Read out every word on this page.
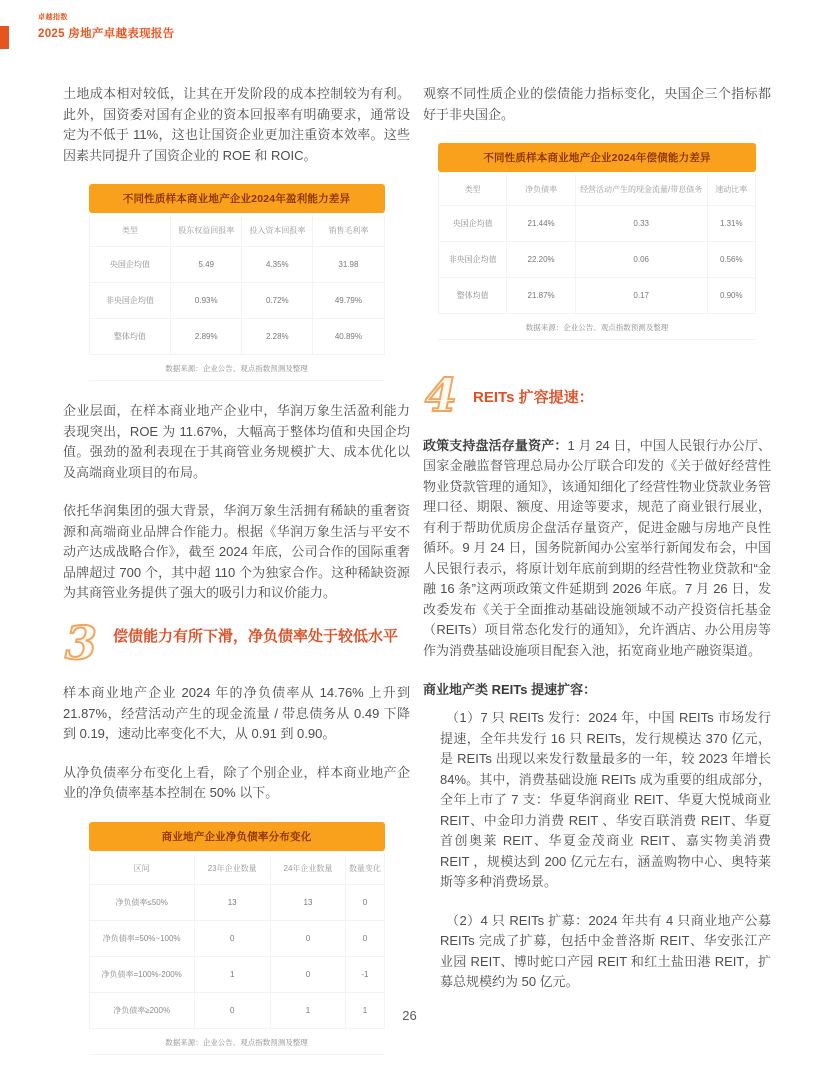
卓越指数
2025 房地产卓越表现报告

土地成本相对较低，让其在开发阶段的成本控制较为有利。此外，国资委对国有企业的资本回报率有明确要求，通常设定为不低于 11%，这也让国资企业更加注重资本效率。这些因素共同提升了国资企业的 ROE 和 ROIC。

不同性质样本商业地产企业2024年盈利能力差异
类型	股东权益回报率	投入资本回报率	销售毛利率
央国企均值	5.49	4.35%	31.98
非央国企均值	0.93%	0.72%	49.79%
整体均值	2.89%	2.28%	40.89%
数据来源：企业公告、观点指数预测及整理

企业层面，在样本商业地产企业中，华润万象生活盈利能力表现突出，ROE 为 11.67%，大幅高于整体均值和央国企均值。强劲的盈利表现在于其商管业务规模扩大、成本优化以及高端商业项目的布局。

依托华润集团的强大背景，华润万象生活拥有稀缺的重奢资源和高端商业品牌合作能力。根据《华润万象生活与平安不动产达成战略合作》，截至 2024 年底，公司合作的国际重奢品牌超过 700 个，其中超 110 个为独家合作。这种稀缺资源为其商管业务提供了强大的吸引力和议价能力。

3	偿债能力有所下滑，净负债率处于较低水平

样本商业地产企业 2024 年的净负债率从 14.76% 上升到 21.87%，经营活动产生的现金流量 / 带息债务从 0.49 下降到 0.19，速动比率变化不大，从 0.91 到 0.90。

从净负债率分布变化上看，除了个别企业，样本商业地产企业的净负债率基本控制在 50% 以下。

商业地产企业净负债率分布变化
区间	23年企业数量	24年企业数量	数量变化
净负债率≤50%	13	13	0
净负债率=50%~100%	0	0	0
净负债率=100%-200%	1	0	-1
净负债率≥200%	0	1	1
数据来源：企业公告、观点指数预测及整理

观察不同性质企业的偿债能力指标变化，央国企三个指标都好于非央国企。

不同性质样本商业地产企业2024年偿债能力差异
类型	净负债率	经营活动产生的现金流量/带息债务	速动比率
央国企均值	21.44%	0.33	1.31%
非央国企均值	22.20%	0.06	0.56%
整体均值	21.87%	0.17	0.90%
数据来源：企业公告、观点指数预测及整理
4	REITs 扩容提速：

政策支持盘活存量资产：1 月 24 日，中国人民银行办公厅、国家金融监督管理总局办公厅联合印发的《关于做好经营性物业贷款管理的通知》，该通知细化了经营性物业贷款业务管理口径、期限、额度、用途等要求，规范了商业银行展业，有利于帮助优质房企盘活存量资产，促进金融与房地产良性循环。9 月 24 日，国务院新闻办公室举行新闻发布会，中国人民银行表示，将原计划年底前到期的经营性物业贷款和“金融 16 条”这两项政策文件延期到 2026 年底。7 月 26 日，发改委发布《关于全面推动基础设施领域不动产投资信托基金（REITs）项目常态化发行的通知》，允许酒店、办公用房等作为消费基础设施项目配套入池，拓宽商业地产融资渠道。

商业地产类 REITs 提速扩容：

（1）7 只 REITs 发行：2024 年，中国 REITs 市场发行提速，全年共发行 16 只 REITs，发行规模达 370 亿元，是 REITs 出现以来发行数量最多的一年，较 2023 年增长 84%。其中，消费基础设施 REITs 成为重要的组成部分，全年上市了 7 支：华夏华润商业 REIT、华夏大悦城商业 REIT、中金印力消费 REIT 、华安百联消费 REIT、华夏首创奥莱 REIT、华夏金茂商业 REIT、嘉实物美消费 REIT ，规模达到 200 亿元左右，涵盖购物中心、奥特莱斯等多种消费场景。

（2）4 只 REITs 扩募：2024 年共有 4 只商业地产公募 REITs 完成了扩募，包括中金普洛斯 REIT、华安张江产业园 REIT、博时蛇口产园 REIT 和红土盐田港 REIT，扩募总规模约为 50 亿元。

26
